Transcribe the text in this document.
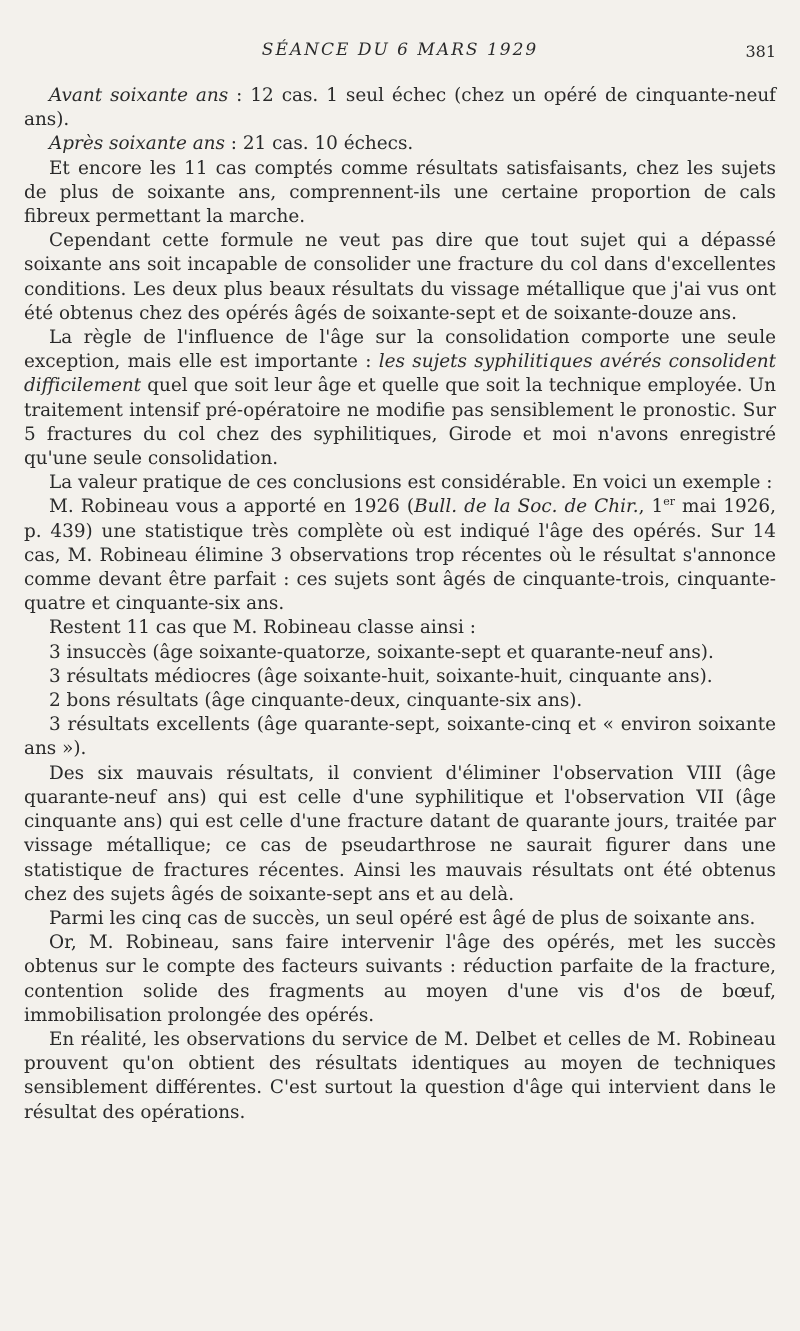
SÉANCE DU 6 MARS 1929	381

Avant soixante ans : 12 cas. 1 seul échec (chez un opéré de cinquante-neuf ans).

Après soixante ans : 21 cas. 10 échecs.

Et encore les 11 cas comptés comme résultats satisfaisants, chez les sujets de plus de soixante ans, comprennent-ils une certaine proportion de cals fibreux permettant la marche.

Cependant cette formule ne veut pas dire que tout sujet qui a dépassé soixante ans soit incapable de consolider une fracture du col dans d'excellentes conditions. Les deux plus beaux résultats du vissage métallique que j'ai vus ont été obtenus chez des opérés âgés de soixante-sept et de soixante-douze ans.

La règle de l'influence de l'âge sur la consolidation comporte une seule exception, mais elle est importante : les sujets syphilitiques avérés consolident difficilement quel que soit leur âge et quelle que soit la technique employée. Un traitement intensif pré-opératoire ne modifie pas sensiblement le pronostic. Sur 5 fractures du col chez des syphilitiques, Girode et moi n'avons enregistré qu'une seule consolidation.

La valeur pratique de ces conclusions est considérable. En voici un exemple :

M. Robineau vous a apporté en 1926 (Bull. de la Soc. de Chir., 1er mai 1926, p. 439) une statistique très complète où est indiqué l'âge des opérés. Sur 14 cas, M. Robineau élimine 3 observations trop récentes où le résultat s'annonce comme devant être parfait : ces sujets sont âgés de cinquante-trois, cinquante-quatre et cinquante-six ans.

Restent 11 cas que M. Robineau classe ainsi :

3 insuccès (âge soixante-quatorze, soixante-sept et quarante-neuf ans).

3 résultats médiocres (âge soixante-huit, soixante-huit, cinquante ans).

2 bons résultats (âge cinquante-deux, cinquante-six ans).

3 résultats excellents (âge quarante-sept, soixante-cinq et « environ soixante ans »).

Des six mauvais résultats, il convient d'éliminer l'observation VIII (âge quarante-neuf ans) qui est celle d'une syphilitique et l'observation VII (âge cinquante ans) qui est celle d'une fracture datant de quarante jours, traitée par vissage métallique; ce cas de pseudarthrose ne saurait figurer dans une statistique de fractures récentes. Ainsi les mauvais résultats ont été obtenus chez des sujets âgés de soixante-sept ans et au delà.

Parmi les cinq cas de succès, un seul opéré est âgé de plus de soixante ans.

Or, M. Robineau, sans faire intervenir l'âge des opérés, met les succès obtenus sur le compte des facteurs suivants : réduction parfaite de la fracture, contention solide des fragments au moyen d'une vis d'os de bœuf, immobilisation prolongée des opérés.

En réalité, les observations du service de M. Delbet et celles de M. Robineau prouvent qu'on obtient des résultats identiques au moyen de techniques sensiblement différentes. C'est surtout la question d'âge qui intervient dans le résultat des opérations.
